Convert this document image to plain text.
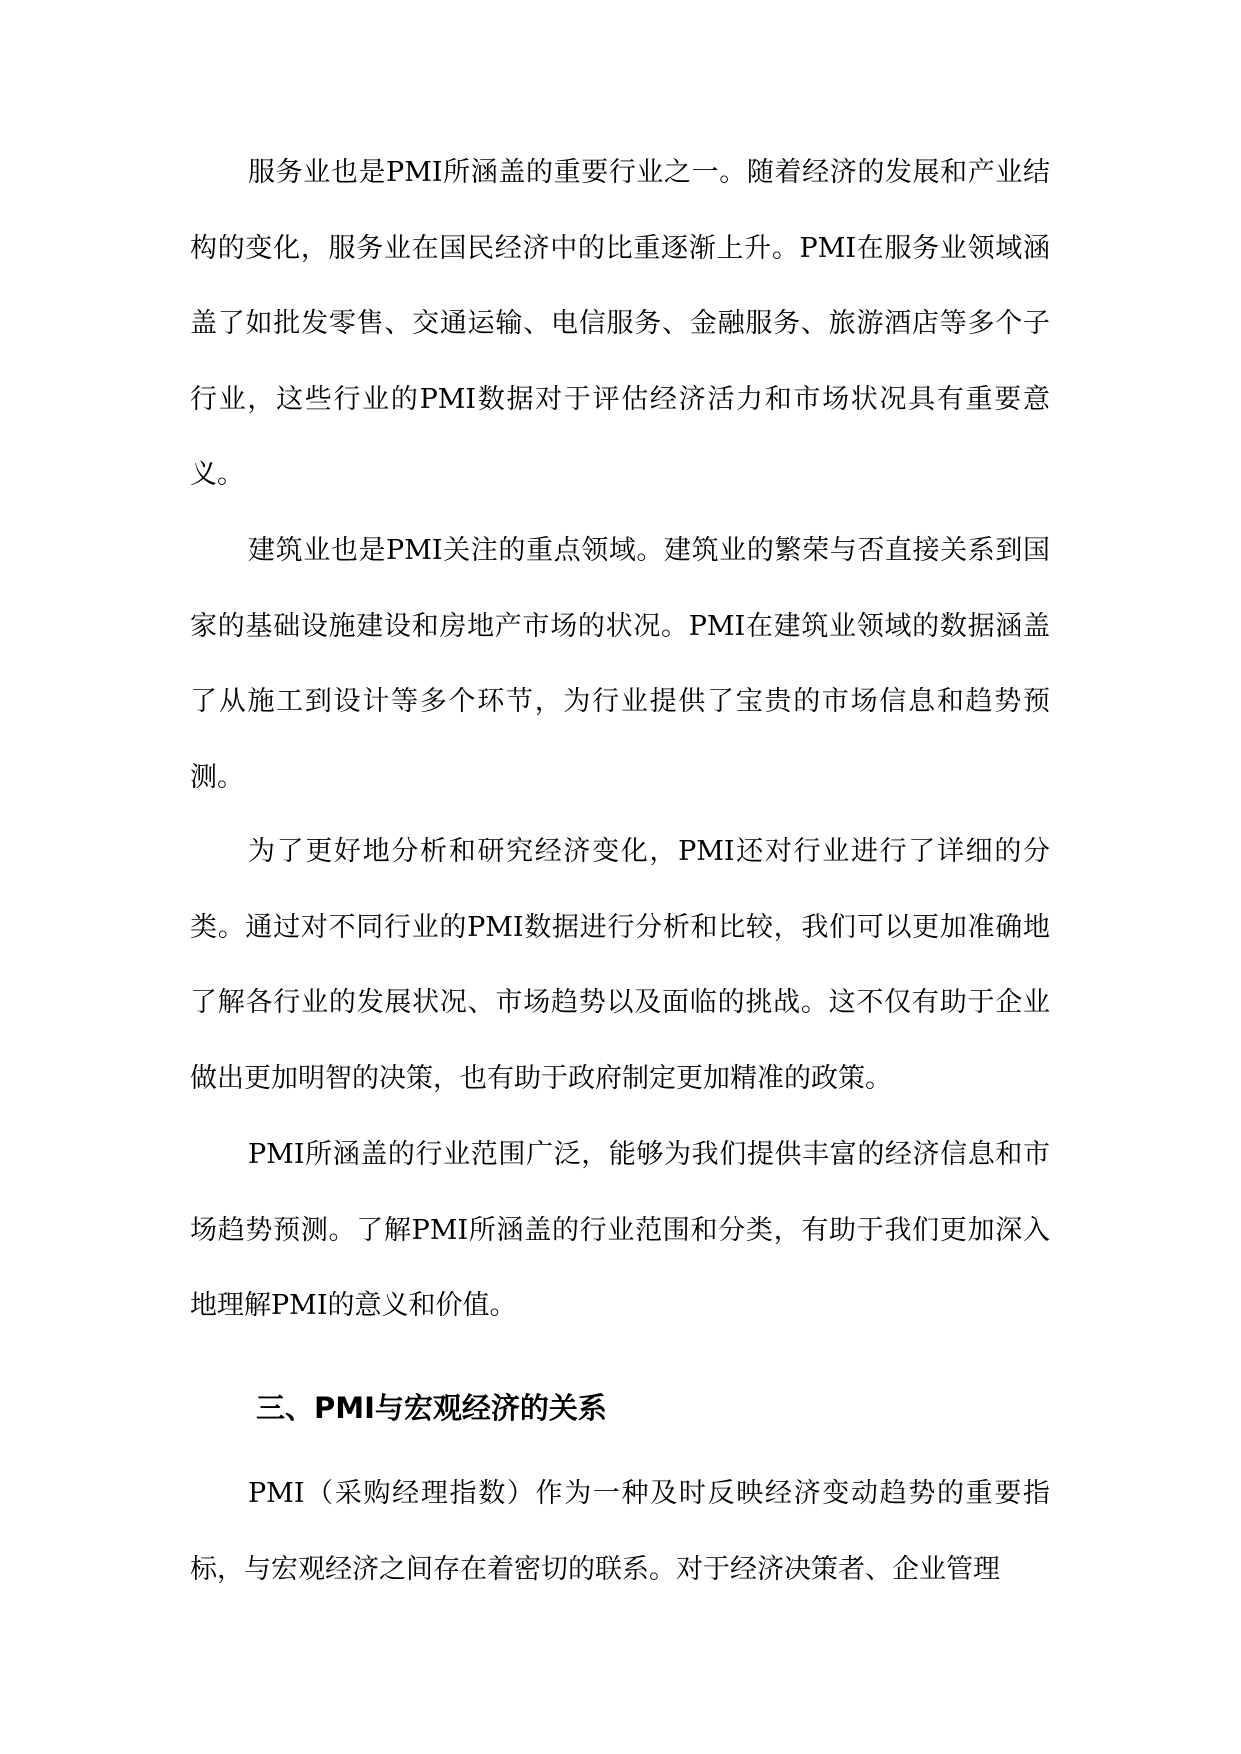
服务业也是PMI所涵盖的重要行业之一。随着经济的发展和产业结构的变化，服务业在国民经济中的比重逐渐上升。PMI在服务业领域涵盖了如批发零售、交通运输、电信服务、金融服务、旅游酒店等多个子行业，这些行业的PMI数据对于评估经济活力和市场状况具有重要意义。

建筑业也是PMI关注的重点领域。建筑业的繁荣与否直接关系到国家的基础设施建设和房地产市场的状况。PMI在建筑业领域的数据涵盖了从施工到设计等多个环节，为行业提供了宝贵的市场信息和趋势预测。

为了更好地分析和研究经济变化，PMI还对行业进行了详细的分类。通过对不同行业的PMI数据进行分析和比较，我们可以更加准确地了解各行业的发展状况、市场趋势以及面临的挑战。这不仅有助于企业做出更加明智的决策，也有助于政府制定更加精准的政策。

PMI所涵盖的行业范围广泛，能够为我们提供丰富的经济信息和市场趋势预测。了解PMI所涵盖的行业范围和分类，有助于我们更加深入地理解PMI的意义和价值。

三、PMI与宏观经济的关系

PMI（采购经理指数）作为一种及时反映经济变动趋势的重要指标，与宏观经济之间存在着密切的联系。对于经济决策者、企业管理
